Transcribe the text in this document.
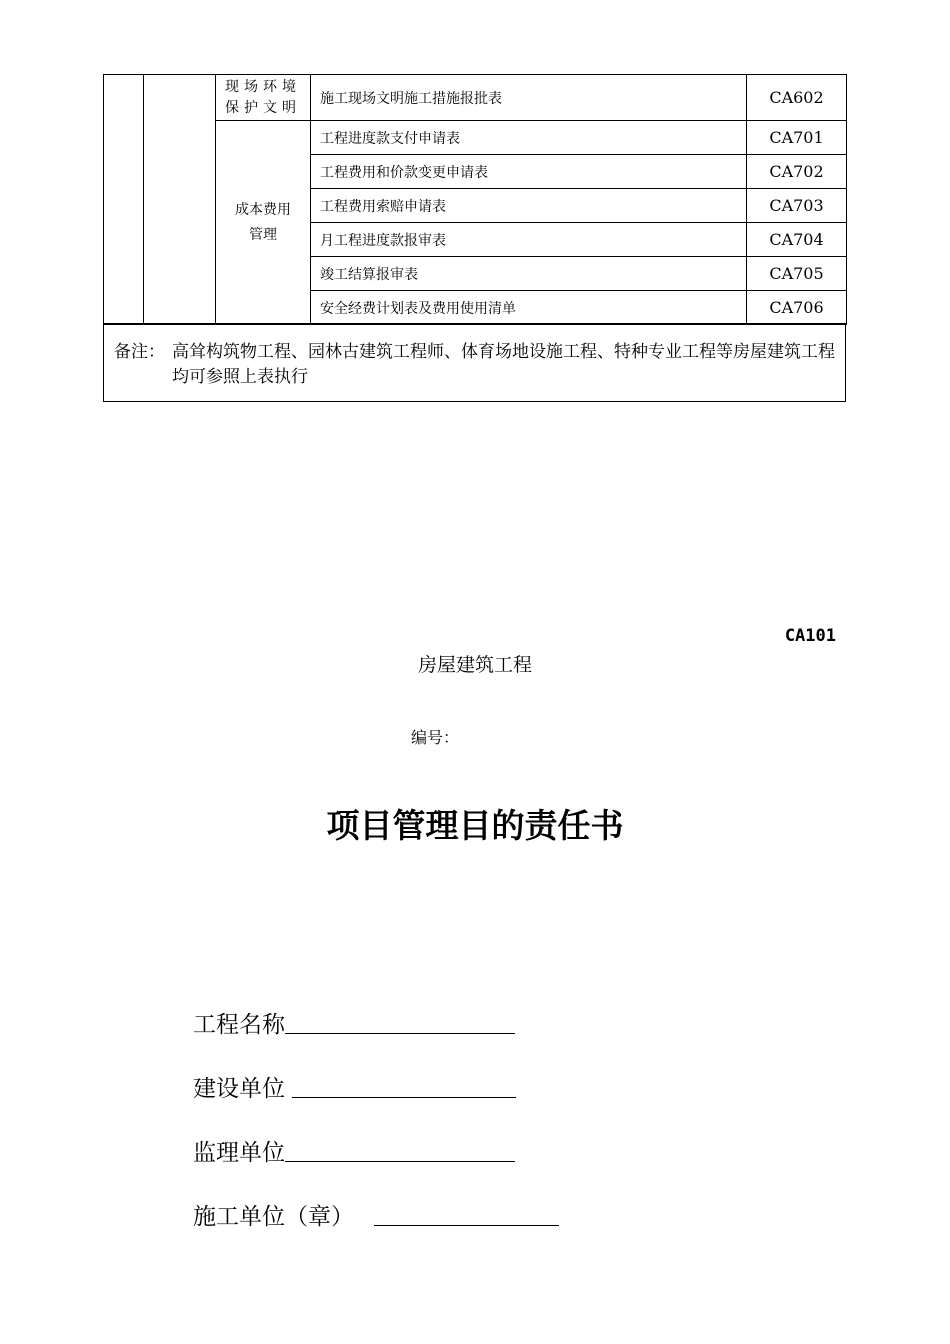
		现场环境保护文明	施工现场文明施工措施报批表	CA602
		成本费用管理	工程进度款支付申请表	CA701
			工程费用和价款变更申请表	CA702
			工程费用索赔申请表	CA703
			月工程进度款报审表	CA704
			竣工结算报审表	CA705
			安全经费计划表及费用使用清单	CA706
备注： 高耸构筑物工程、园林古建筑工程师、体育场地设施工程、特种专业工程等房屋建筑工程均可参照上表执行
CA101
房屋建筑工程
编号：
项目管理目的责任书
工程名称
建设单位
监理单位
施工单位（章）
